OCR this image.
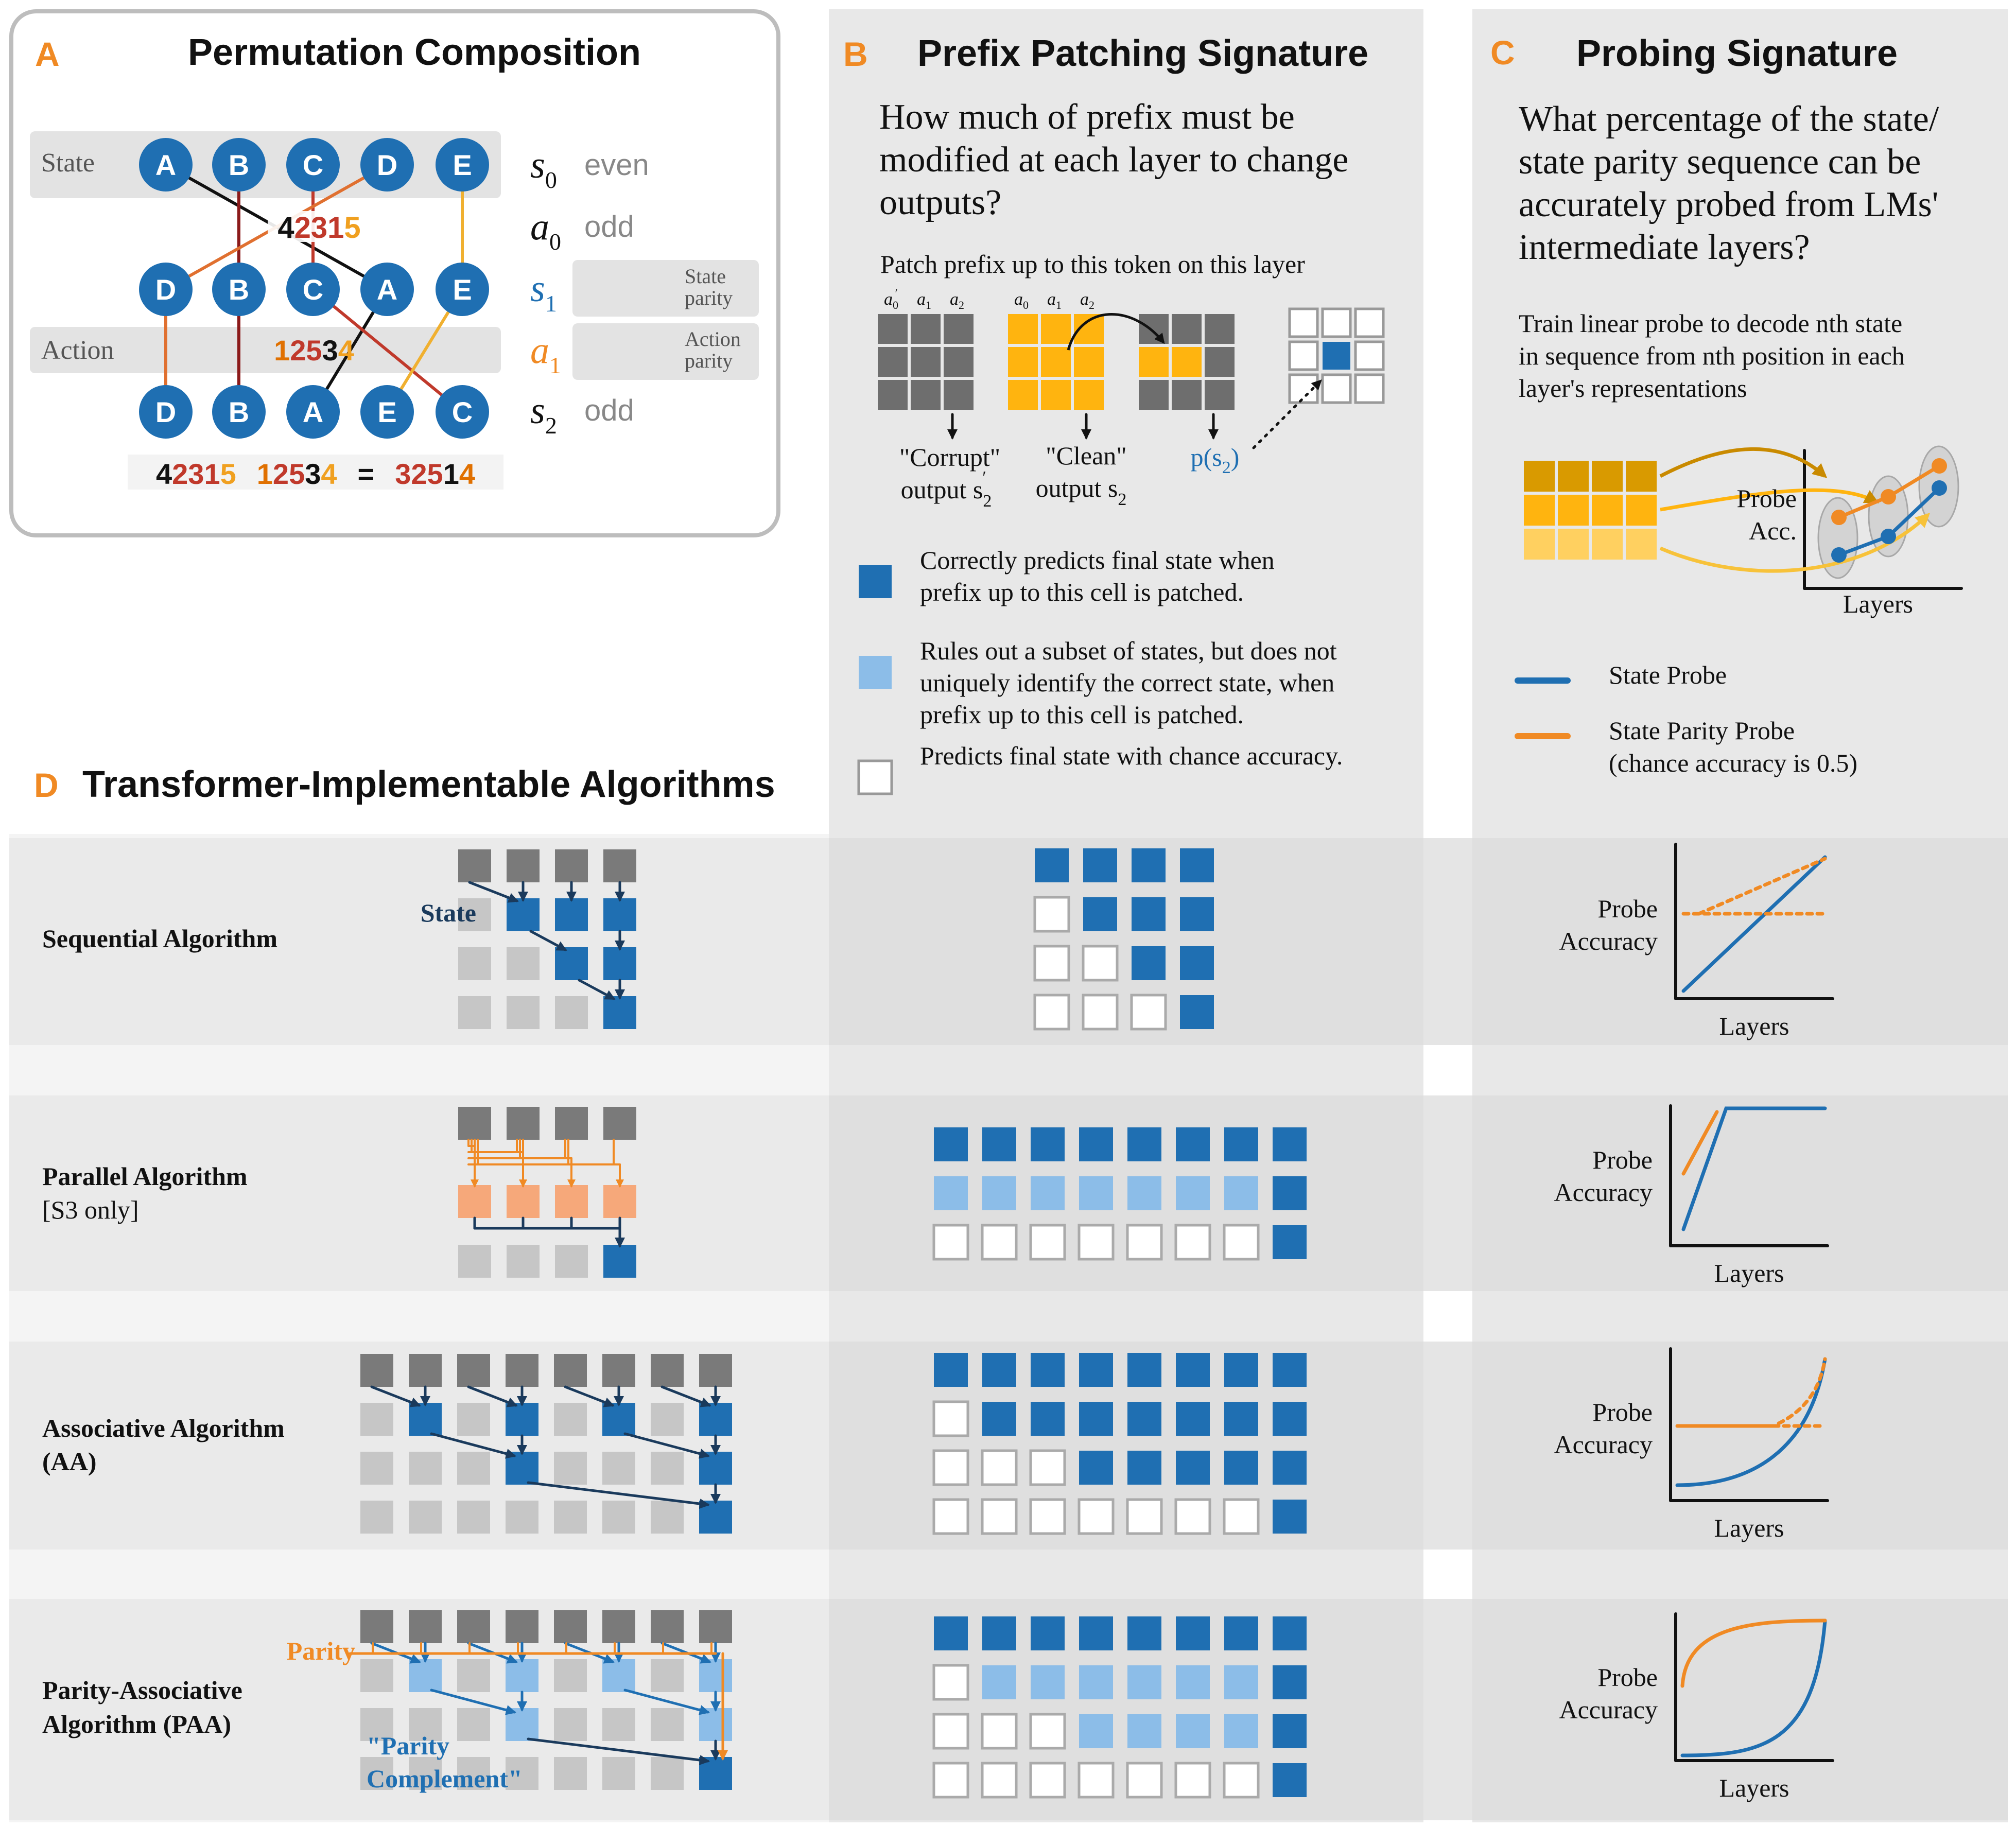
A	Permutation Composition
State
Action
42315
12534
A B C D E
D B C A E
D B A E C
42315 12534 = 32514
$s_0$ even
$a_0$ odd
$s_1$
$a_1$
$s_2$ odd
State
parity
Action
parity
B Prefix Patching Signature
How much of prefix must be
modified at each layer to change
outputs?
Patch prefix up to this token on this layer
$a_0'$ $a_1$ $a_2$	$a_0$ $a_1$ $a_2$
"Corrupt"
output $s_2'$
"Clean"
output $s_2$
$p(s_2)$
Correctly predicts final state when
prefix up to this cell is patched.
Rules out a subset of states, but does not
uniquely identify the correct state, when
prefix up to this cell is patched.
Predicts final state with chance accuracy.
C Probing Signature
What percentage of the state/
state parity sequence can be
accurately probed from LMs'
intermediate layers?
Train linear probe to decode nth state
in sequence from nth position in each
layer's representations
Probe
Acc.
Layers
State Probe
State Parity Probe
(chance accuracy is 0.5)
D Transformer-Implementable Algorithms
Sequential Algorithm
Parallel Algorithm
[S3 only]
Associative Algorithm
(AA)
Parity-Associative
Algorithm (PAA)
State
Parity
"Parity
Complement"
Probe
Accuracy
Layers
Probe
Accuracy
Layers
Probe
Accuracy
Layers
Probe
Accuracy
Layers
